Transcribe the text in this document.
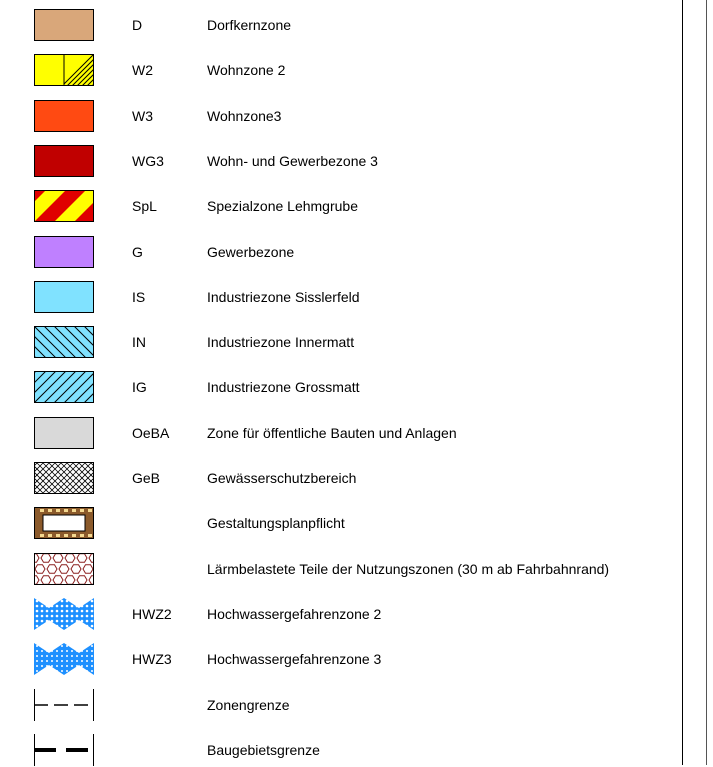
D	Dorfkernzone
W2	Wohnzone 2
W3	Wohnzone3
WG3	Wohn- und Gewerbezone 3
SpL	Spezialzone Lehmgrube
G	Gewerbezone
IS	Industriezone Sisslerfeld
IN	Industriezone Innermatt
IG	Industriezone Grossmatt
OeBA	Zone für öffentliche Bauten und Anlagen
GeB	Gewässerschutzbereich
Gestaltungsplanpflicht
Lärmbelastete Teile der Nutzungszonen (30 m ab Fahrbahnrand)
HWZ2	Hochwassergefahrenzone 2
HWZ3	Hochwassergefahrenzone 3
Zonengrenze
Baugebietsgrenze
